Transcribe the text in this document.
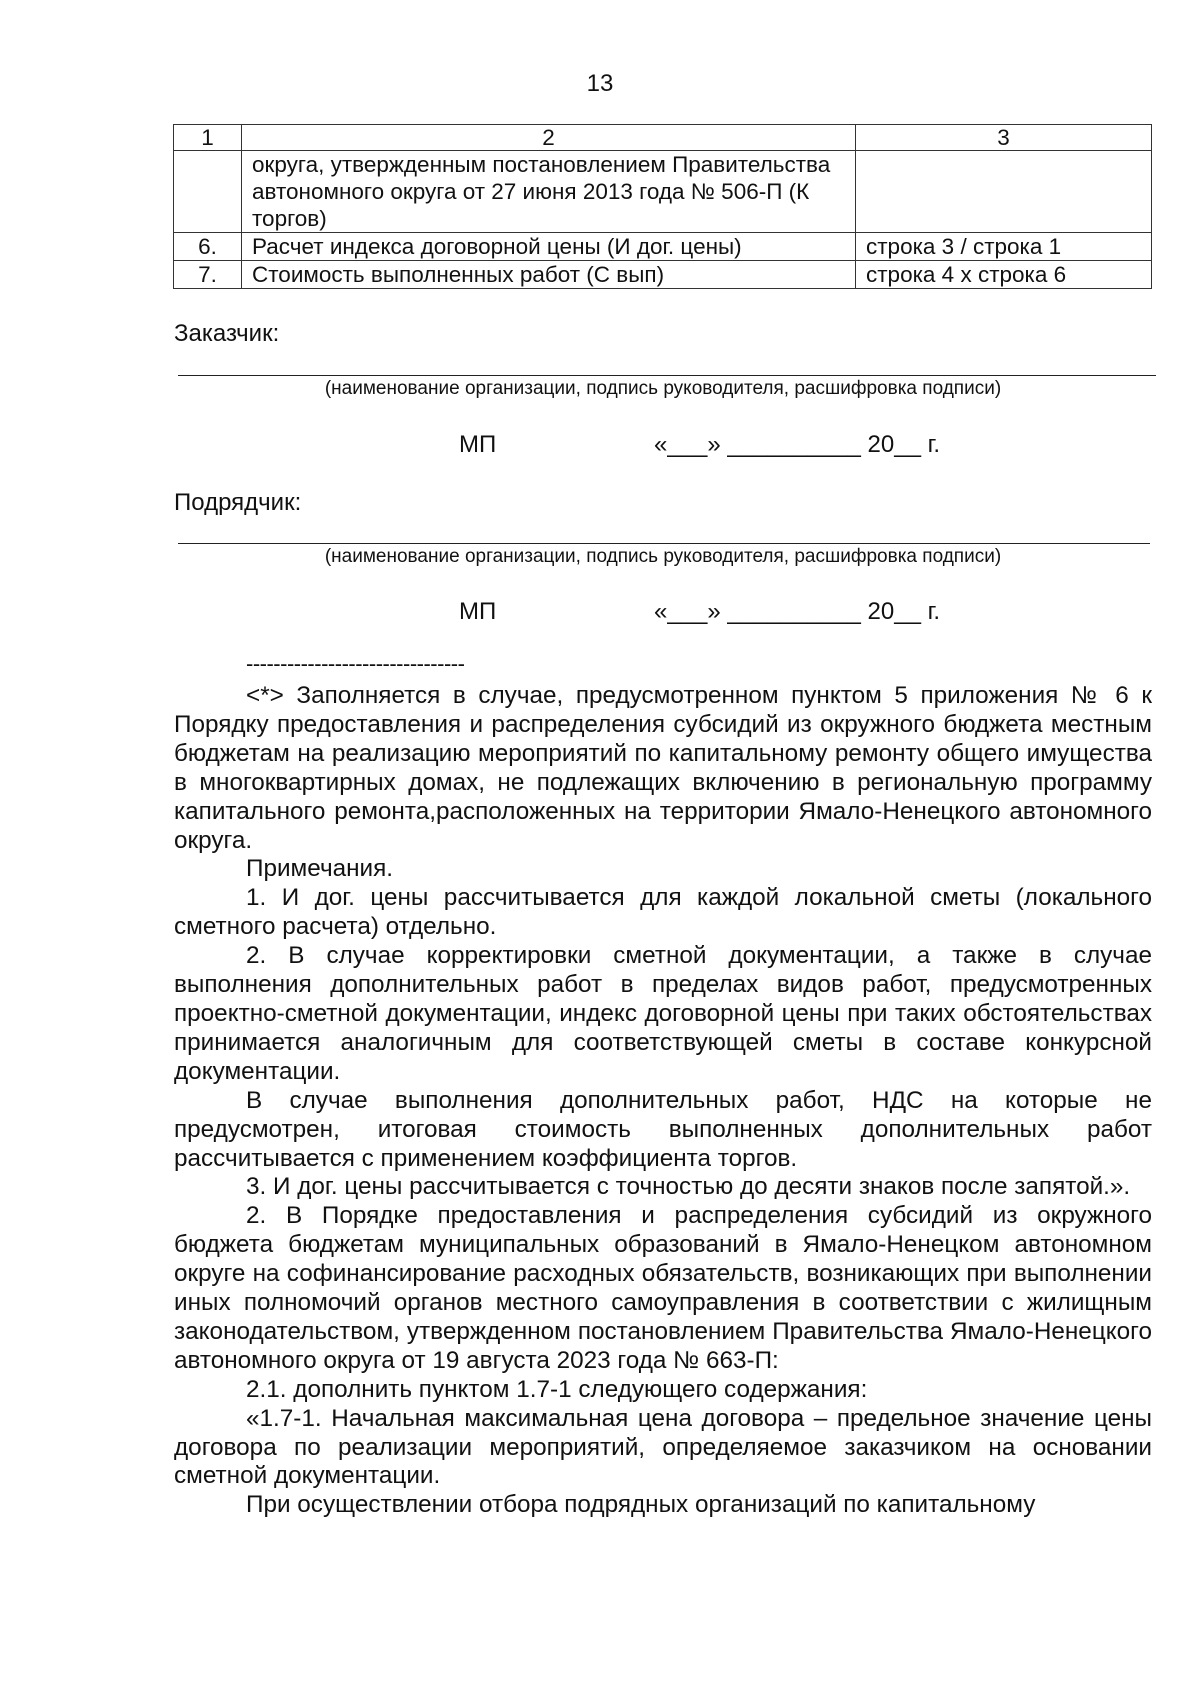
13
1	2	3
	округа, утвержденным постановлением Правительства автономного округа от 27 июня 2013 года № 506-П (К торгов)	
6.	Расчет индекса договорной цены (И дог. цены)	строка 3 / строка 1
7.	Стоимость выполненных работ (С вып)	строка 4 х строка 6
Заказчик:
(наименование организации, подпись руководителя, расшифровка подписи)
МП	«___» __________ 20__ г.
Подрядчик:
(наименование организации, подпись руководителя, расшифровка подписи)
МП	«___» __________ 20__ г.
--------------------------------

<*> Заполняется в случае, предусмотренном пунктом 5 приложения № 6 к Порядку предоставления и распределения субсидий из окружного бюджета местным бюджетам на реализацию мероприятий по капитальному ремонту общего имущества в многоквартирных домах, не подлежащих включению в региональную программу капитального ремонта,расположенных на территории Ямало-Ненецкого автономного округа.

Примечания.

1. И дог. цены рассчитывается для каждой локальной сметы (локального сметного расчета) отдельно.

2. В случае корректировки сметной документации, а также в случае выполнения дополнительных работ в пределах видов работ, предусмотренных проектно-сметной документации, индекс договорной цены при таких обстоятельствах принимается аналогичным для соответствующей сметы в составе конкурсной документации.

В случае выполнения дополнительных работ, НДС на которые не предусмотрен, итоговая стоимость выполненных дополнительных работ рассчитывается с применением коэффициента торгов.

3. И дог. цены рассчитывается с точностью до десяти знаков после запятой.».

2. В Порядке предоставления и распределения субсидий из окружного бюджета бюджетам муниципальных образований в Ямало-Ненецком автономном округе на софинансирование расходных обязательств, возникающих при выполнении иных полномочий органов местного самоуправления в соответствии с жилищным законодательством, утвержденном постановлением Правительства Ямало-Ненецкого автономного округа от 19 августа 2023 года № 663-П:

2.1. дополнить пунктом 1.7-1 следующего содержания:

«1.7-1. Начальная максимальная цена договора – предельное значение цены договора по реализации мероприятий, определяемое заказчиком на основании сметной документации.

При осуществлении отбора подрядных организаций по капитальному
